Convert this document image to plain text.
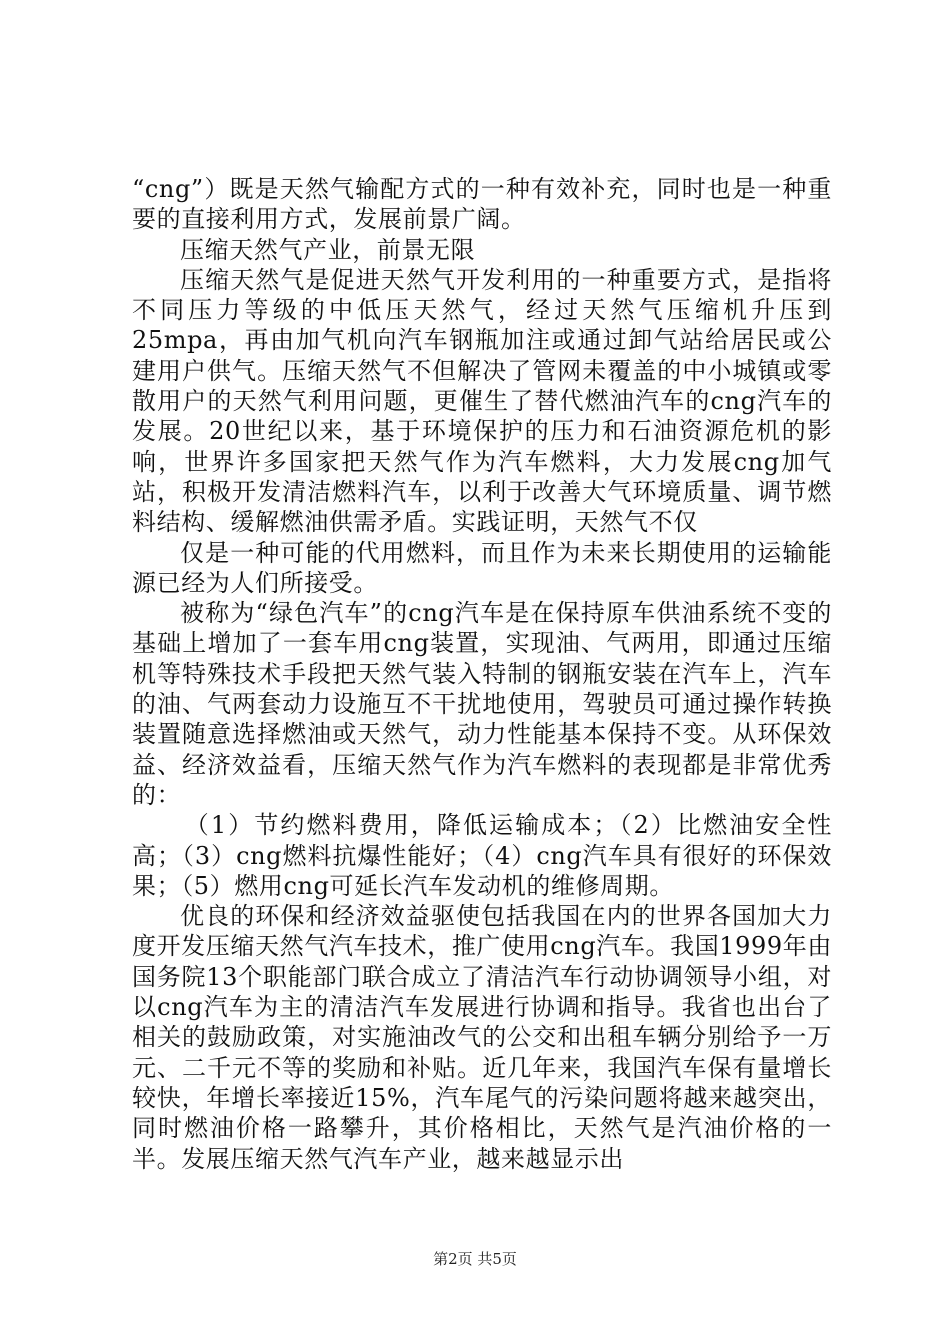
“cng”）既是天然气输配方式的一种有效补充，同时也是一种重要的直接利用方式，发展前景广阔。

压缩天然气产业，前景无限

压缩天然气是促进天然气开发利用的一种重要方式，是指将不同压力等级的中低压天然气，经过天然气压缩机升压到25mpa，再由加气机向汽车钢瓶加注或通过卸气站给居民或公建用户供气。压缩天然气不但解决了管网未覆盖的中小城镇或零散用户的天然气利用问题，更催生了替代燃油汽车的cng汽车的发展。20世纪以来，基于环境保护的压力和石油资源危机的影响，世界许多国家把天然气作为汽车燃料，大力发展cng加气站，积极开发清洁燃料汽车，以利于改善大气环境质量、调节燃料结构、缓解燃油供需矛盾。实践证明，天然气不仅

仅是一种可能的代用燃料，而且作为未来长期使用的运输能源已经为人们所接受。

被称为“绿色汽车”的cng汽车是在保持原车供油系统不变的基础上增加了一套车用cng装置，实现油、气两用，即通过压缩机等特殊技术手段把天然气装入特制的钢瓶安装在汽车上，汽车的油、气两套动力设施互不干扰地使用，驾驶员可通过操作转换装置随意选择燃油或天然气，动力性能基本保持不变。从环保效益、经济效益看，压缩天然气作为汽车燃料的表现都是非常优秀的：

（1）节约燃料费用，降低运输成本；（2）比燃油安全性高；（3）cng燃料抗爆性能好；（4）cng汽车具有很好的环保效果；（5）燃用cng可延长汽车发动机的维修周期。

优良的环保和经济效益驱使包括我国在内的世界各国加大力度开发压缩天然气汽车技术，推广使用cng汽车。我国1999年由国务院13个职能部门联合成立了清洁汽车行动协调领导小组，对以cng汽车为主的清洁汽车发展进行协调和指导。我省也出台了相关的鼓励政策，对实施油改气的公交和出租车辆分别给予一万元、二千元不等的奖励和补贴。近几年来，我国汽车保有量增长较快，年增长率接近15%，汽车尾气的污染问题将越来越突出，同时燃油价格一路攀升，其价格相比，天然气是汽油价格的一半。发展压缩天然气汽车产业，越来越显示出

第2页 共5页
